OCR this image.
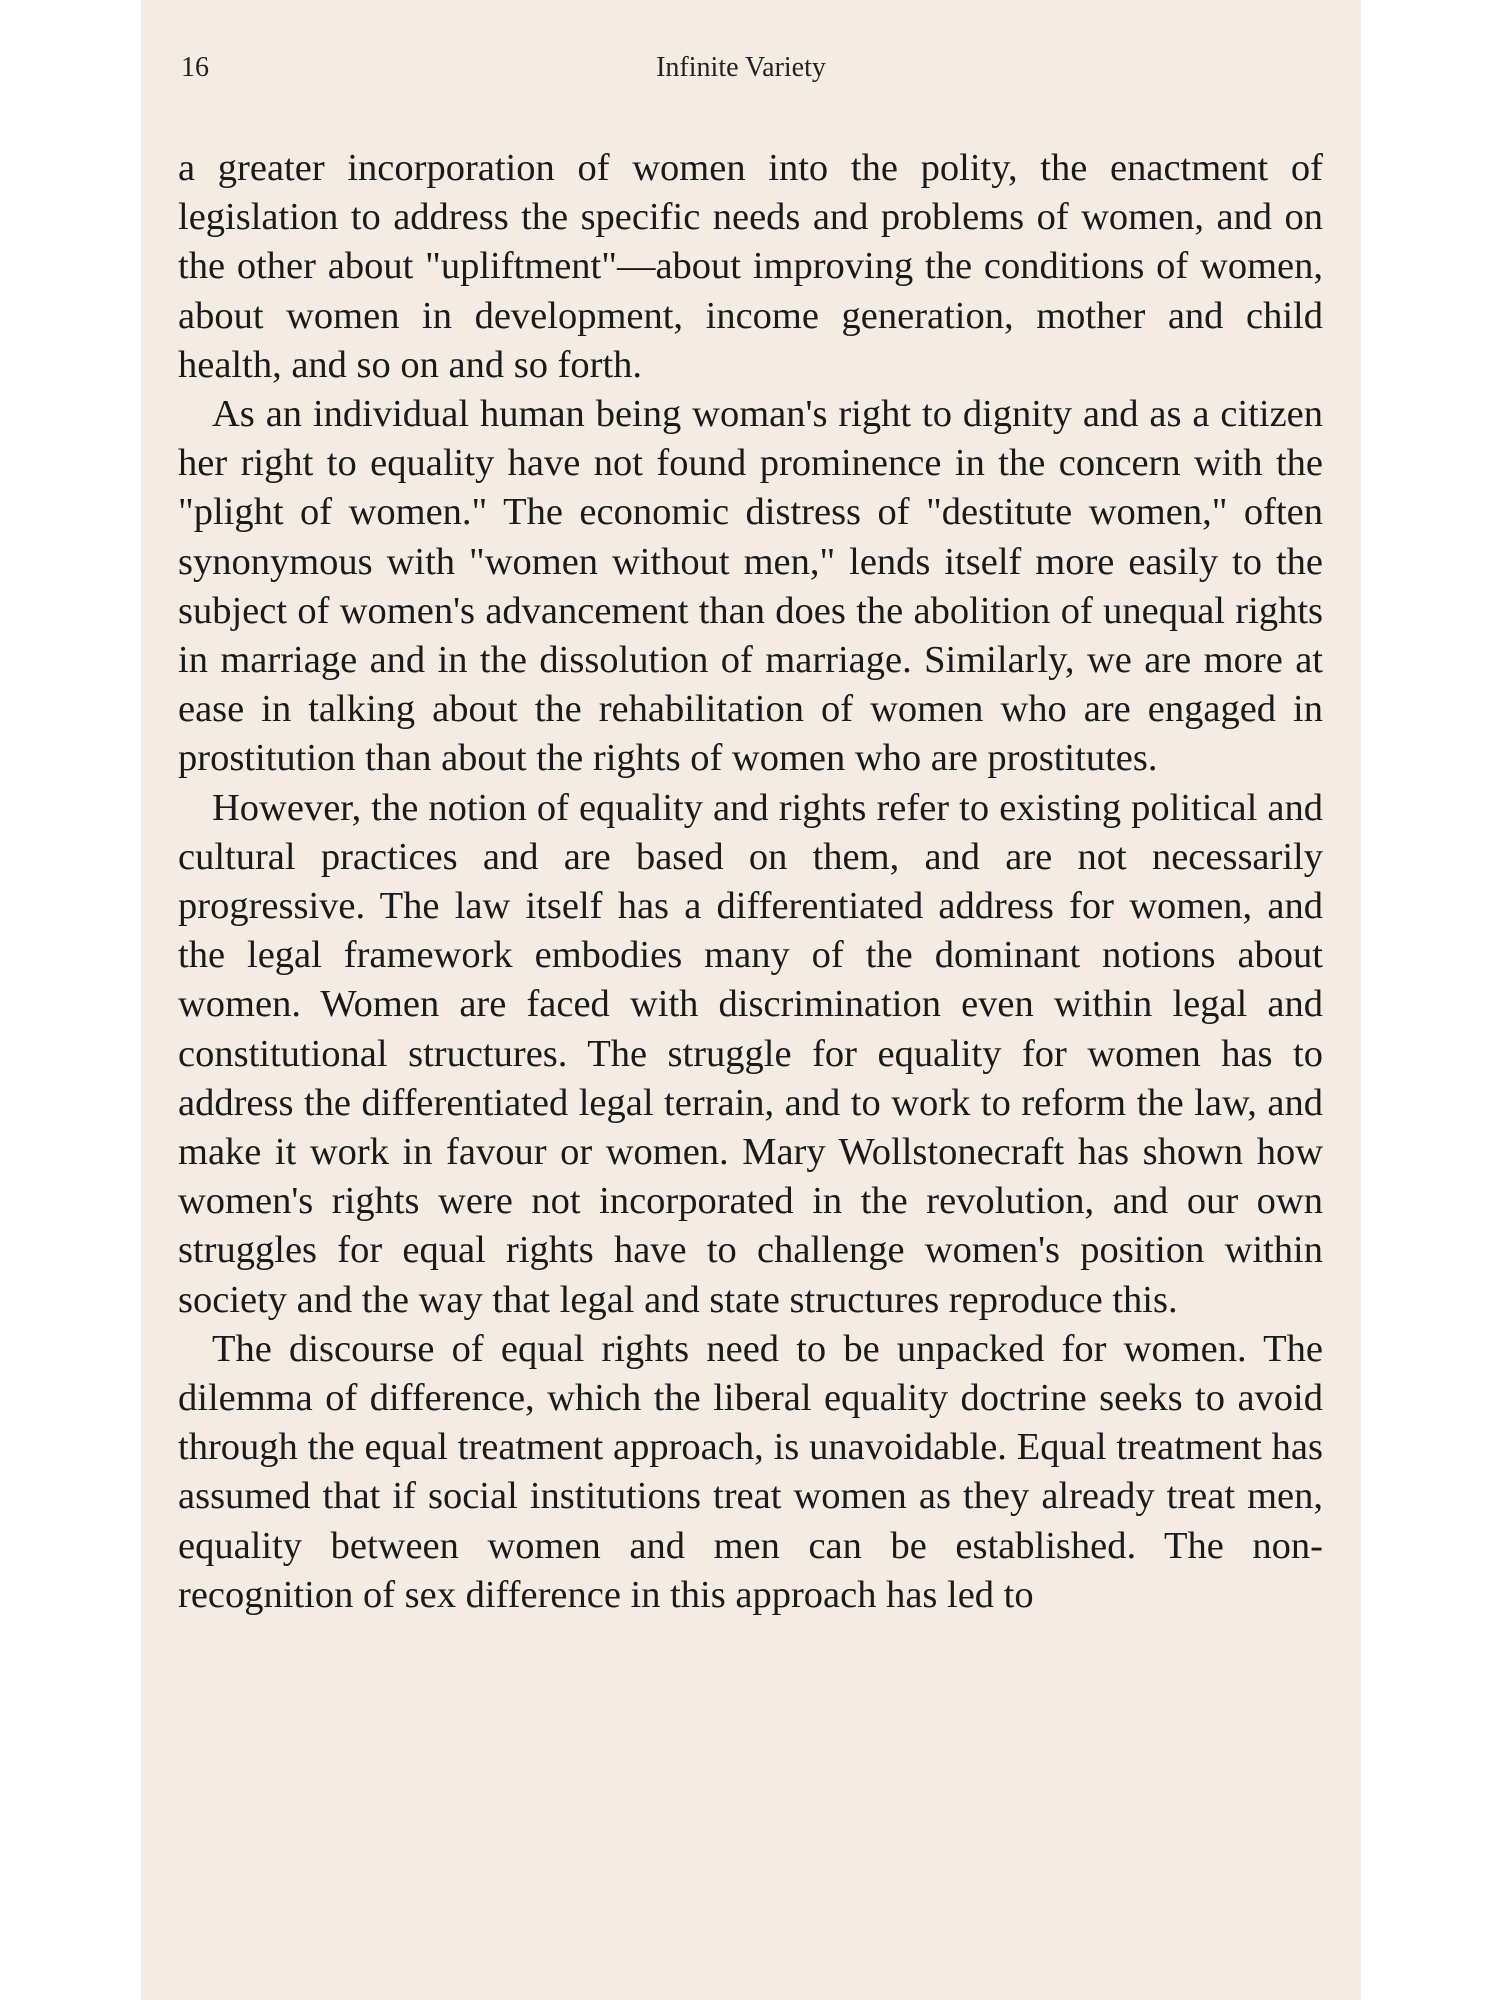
16	Infinite Variety

a greater incorporation of women into the polity, the enactment of legislation to address the specific needs and problems of women, and on the other about "upliftment"—about improving the conditions of women, about women in development, income generation, mother and child health, and so on and so forth.

As an individual human being woman's right to dignity and as a citizen her right to equality have not found prominence in the concern with the "plight of women." The economic distress of "destitute women," often synonymous with "women without men," lends itself more easily to the subject of women's advancement than does the abolition of unequal rights in marriage and in the dissolution of marriage. Similarly, we are more at ease in talking about the rehabilitation of women who are engaged in prostitution than about the rights of women who are prostitutes.

However, the notion of equality and rights refer to existing political and cultural practices and are based on them, and are not necessarily progressive. The law itself has a differentiated address for women, and the legal framework embodies many of the dominant notions about women. Women are faced with discrimination even within legal and constitutional structures. The struggle for equality for women has to address the differentiated legal terrain, and to work to reform the law, and make it work in favour or women. Mary Wollstonecraft has shown how women's rights were not incorporated in the revolution, and our own struggles for equal rights have to challenge women's position within society and the way that legal and state structures reproduce this.

The discourse of equal rights need to be unpacked for women. The dilemma of difference, which the liberal equality doctrine seeks to avoid through the equal treatment approach, is unavoidable. Equal treatment has assumed that if social institutions treat women as they already treat men, equality between women and men can be established. The non-recognition of sex difference in this approach has led to
